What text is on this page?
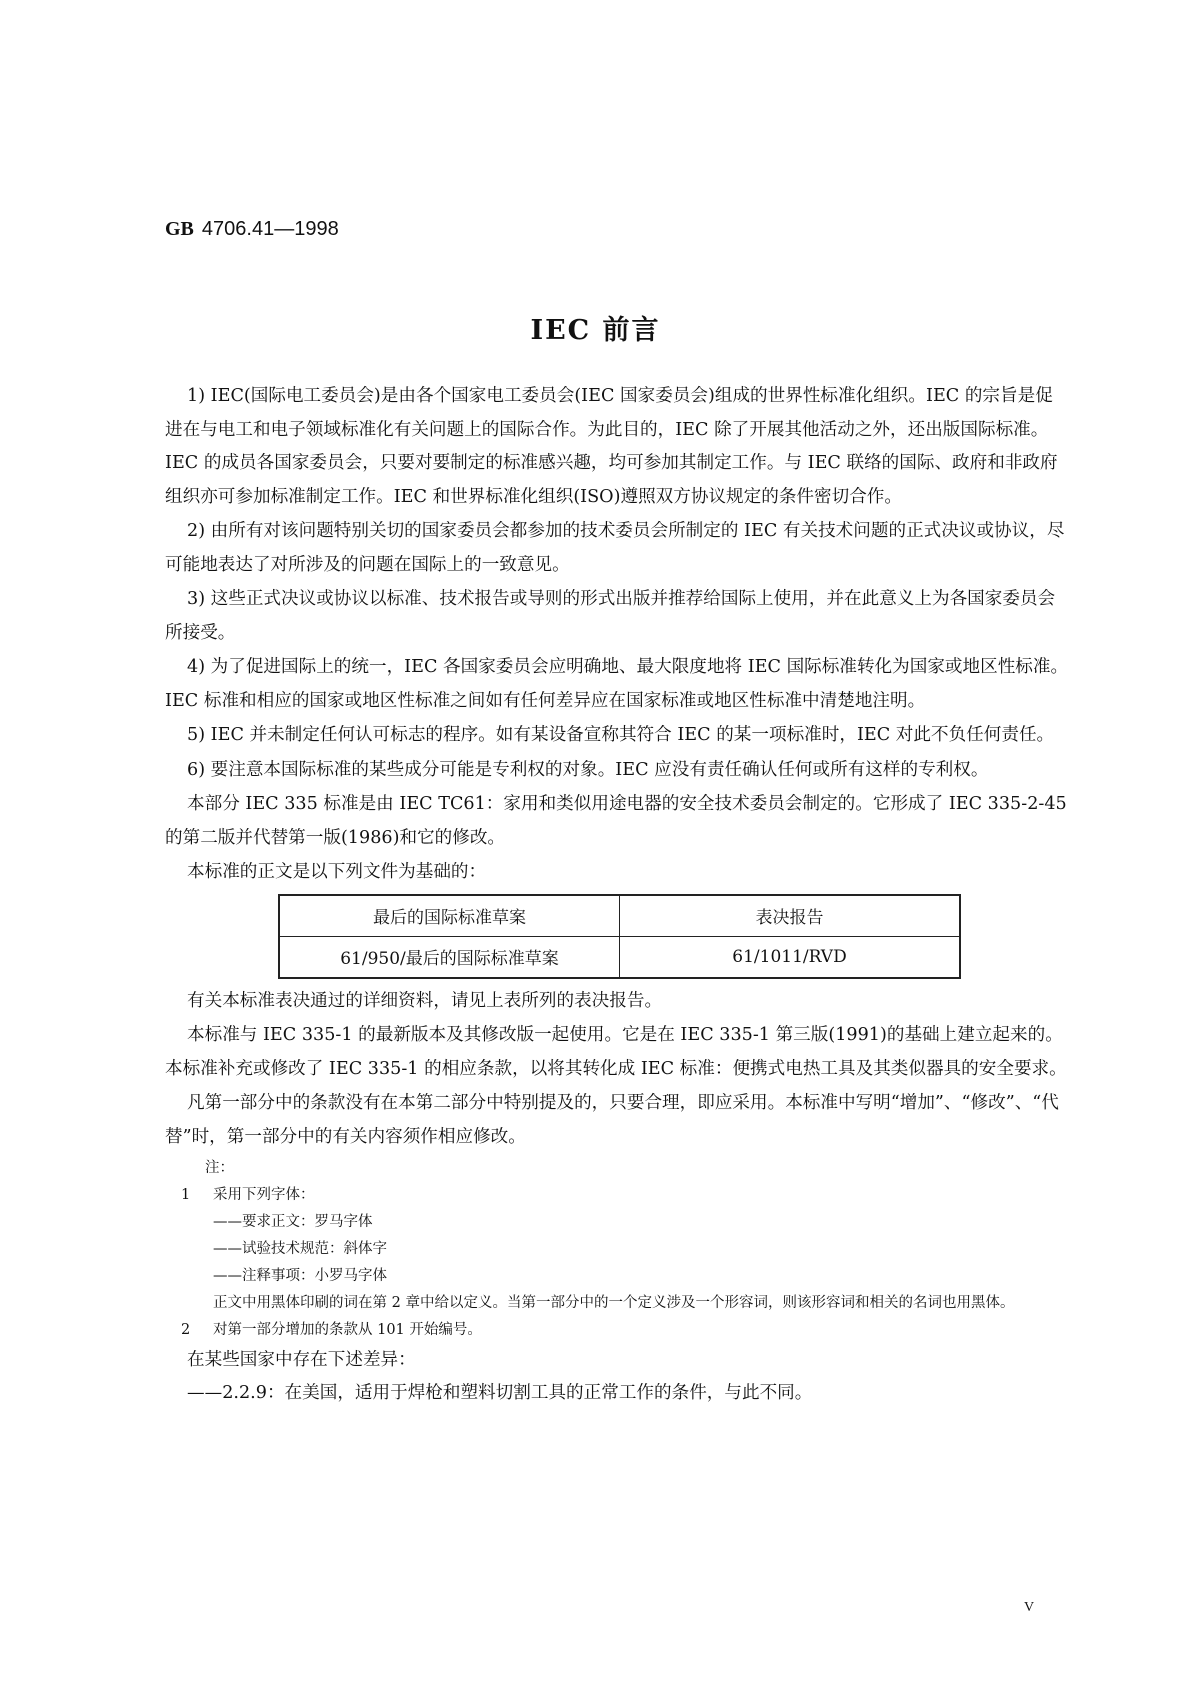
GB 4706.41—1998
IEC 前言

1) IEC(国际电工委员会)是由各个国家电工委员会(IEC 国家委员会)组成的世界性标准化组织。IEC 的宗旨是促进在与电工和电子领域标准化有关问题上的国际合作。为此目的，IEC 除了开展其他活动之外，还出版国际标准。IEC 的成员各国家委员会，只要对要制定的标准感兴趣，均可参加其制定工作。与 IEC 联络的国际、政府和非政府组织亦可参加标准制定工作。IEC 和世界标准化组织(ISO)遵照双方协议规定的条件密切合作。

2) 由所有对该问题特别关切的国家委员会都参加的技术委员会所制定的 IEC 有关技术问题的正式决议或协议，尽可能地表达了对所涉及的问题在国际上的一致意见。

3) 这些正式决议或协议以标准、技术报告或导则的形式出版并推荐给国际上使用，并在此意义上为各国家委员会所接受。

4) 为了促进国际上的统一，IEC 各国家委员会应明确地、最大限度地将 IEC 国际标准转化为国家或地区性标准。IEC 标准和相应的国家或地区性标准之间如有任何差异应在国家标准或地区性标准中清楚地注明。

5) IEC 并未制定任何认可标志的程序。如有某设备宣称其符合 IEC 的某一项标准时，IEC 对此不负任何责任。

6) 要注意本国际标准的某些成分可能是专利权的对象。IEC 应没有责任确认任何或所有这样的专利权。

本部分 IEC 335 标准是由 IEC TC61：家用和类似用途电器的安全技术委员会制定的。它形成了 IEC 335-2-45 的第二版并代替第一版(1986)和它的修改。

本标准的正文是以下列文件为基础的：

最后的国际标准草案	表决报告
61/950/最后的国际标准草案	61/1011/RVD

有关本标准表决通过的详细资料，请见上表所列的表决报告。

本标准与 IEC 335-1 的最新版本及其修改版一起使用。它是在 IEC 335-1 第三版(1991)的基础上建立起来的。本标准补充或修改了 IEC 335-1 的相应条款，以将其转化成 IEC 标准：便携式电热工具及其类似器具的安全要求。

凡第一部分中的条款没有在本第二部分中特别提及的，只要合理，即应采用。本标准中写明“增加”、“修改”、“代替”时，第一部分中的有关内容须作相应修改。

注：
1 采用下列字体：
——要求正文：罗马字体
——试验技术规范：斜体字
——注释事项：小罗马字体
正文中用黑体印刷的词在第 2 章中给以定义。当第一部分中的一个定义涉及一个形容词，则该形容词和相关的名词也用黑体。
2 对第一部分增加的条款从 101 开始编号。
在某些国家中存在下述差异：
——2.2.9：在美国，适用于焊枪和塑料切割工具的正常工作的条件，与此不同。
V
